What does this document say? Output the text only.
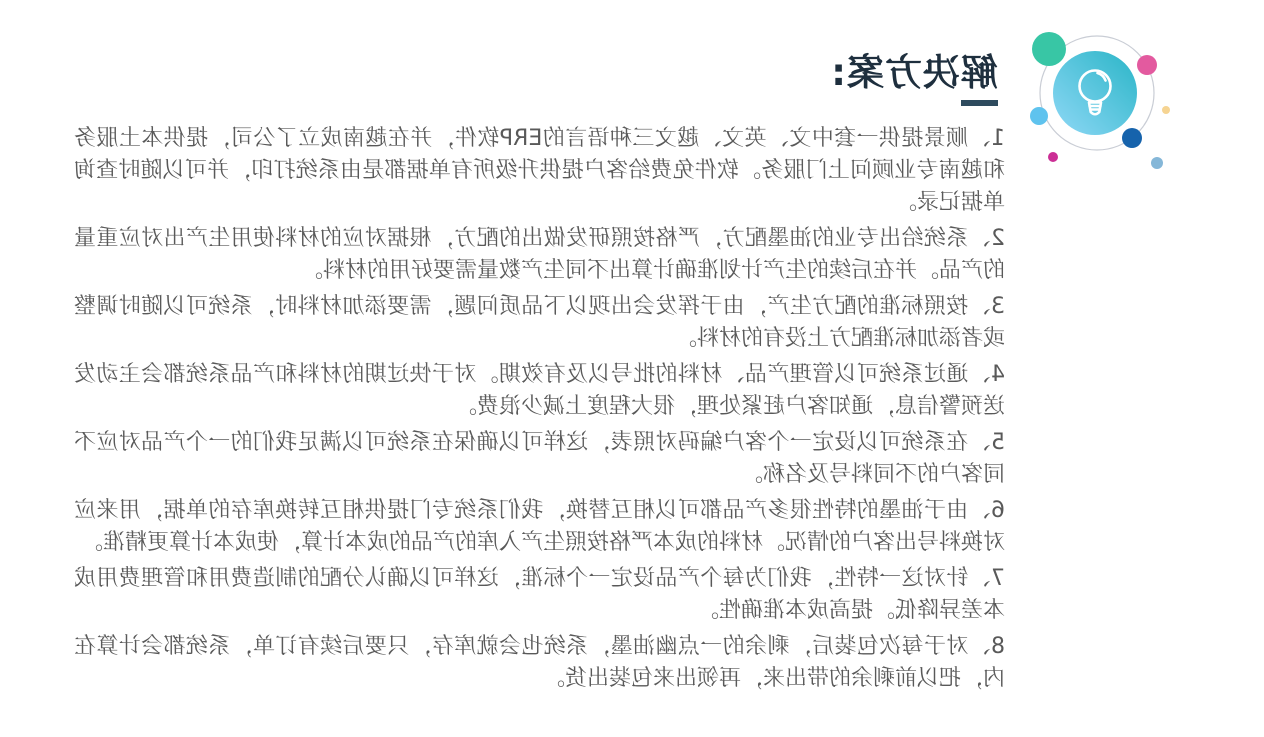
解决方案:

1、顺景提供一套中文、英文、越文三种语言的ERP软件，并在越南成立了公司，提供本土服务和越南专业顾问上门服务。软件免费给客户提供升级所有单据都是由系统打印，并可以随时查询单据记录。

2、系统给出专业的油墨配方，严格按照研发做出的配方，根据对应的材料使用生产出对应重量的产品。并在后续的生产计划准确计算出不同生产数量需要好用的材料。

3、按照标准的配方生产，由于挥发会出现以下品质问题，需要添加材料时，系统可以随时调整或者添加标准配方上没有的材料。

4、通过系统可以管理产品、材料的批号以及有效期。对于快过期的材料和产品系统都会主动发送预警信息，通知客户赶紧处理，很大程度上减少浪费。

5、在系统可以设定一个客户编码对照表，这样可以确保在系统可以满足我们的一个产品对应不同客户的不同料号及名称。

6、由于油墨的特性很多产品都可以相互替换，我们系统专门提供相互转换库存的单据，用来应对换料号出客户的情况。材料的成本严格按照生产入库的产品的成本计算，使成本计算更精准。

7、针对这一特性，我们为每个产品设定一个标准，这样可以确认分配的制造费用和管理费用成本差异降低。提高成本准确性。

8、对于每次包装后，剩余的一点幽油墨，系统也会就库存，只要后续有订单，系统都会计算在内，把以前剩余的带出来，再领出来包装出货。
